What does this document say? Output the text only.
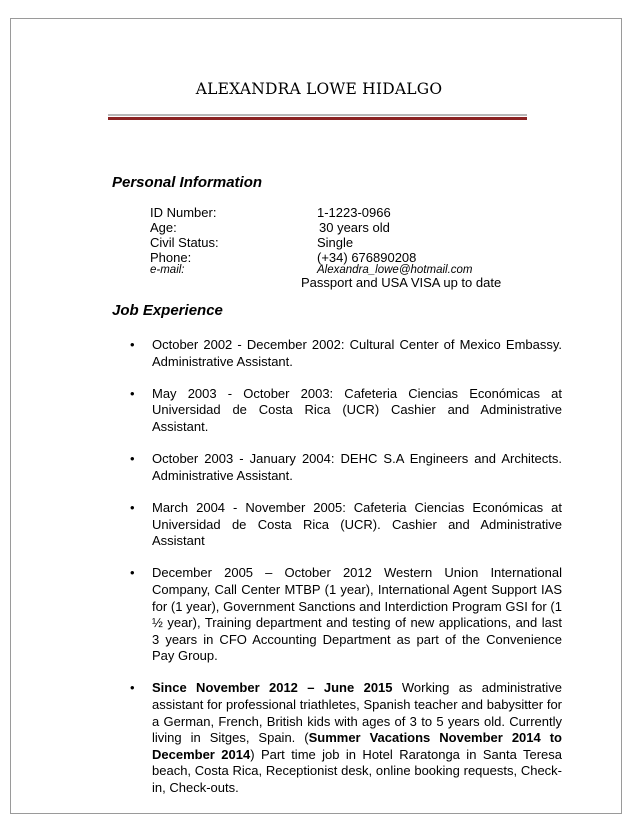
ALEXANDRA LOWE HIDALGO
Personal Information
ID Number:	1-1223-0966
Age:	30 years old
Civil Status:	Single
Phone:	(+34) 676890208
e-mail:	Alexandra_lowe@hotmail.com
Passport and USA VISA up to date
Job Experience
• October 2002 - December 2002: Cultural Center of Mexico Embassy. Administrative Assistant.
• May 2003 - October 2003: Cafeteria Ciencias Económicas at Universidad de Costa Rica (UCR) Cashier and Administrative Assistant.
• October 2003 - January 2004: DEHC S.A Engineers and Architects. Administrative Assistant.
• March 2004 - November 2005: Cafeteria Ciencias Económicas at Universidad de Costa Rica (UCR). Cashier and Administrative Assistant
• December 2005 – October 2012 Western Union International Company, Call Center MTBP (1 year), International Agent Support IAS for (1 year), Government Sanctions and Interdiction Program GSI for (1 ½ year), Training department and testing of new applications, and last 3 years in CFO Accounting Department as part of the Convenience Pay Group.
• Since November 2012 – June 2015 Working as administrative assistant for professional triathletes, Spanish teacher and babysitter for a German, French, British kids with ages of 3 to 5 years old. Currently living in Sitges, Spain. (Summer Vacations November 2014 to December 2014) Part time job in Hotel Raratonga in Santa Teresa beach, Costa Rica, Receptionist desk, online booking requests, Check-in, Check-outs.
